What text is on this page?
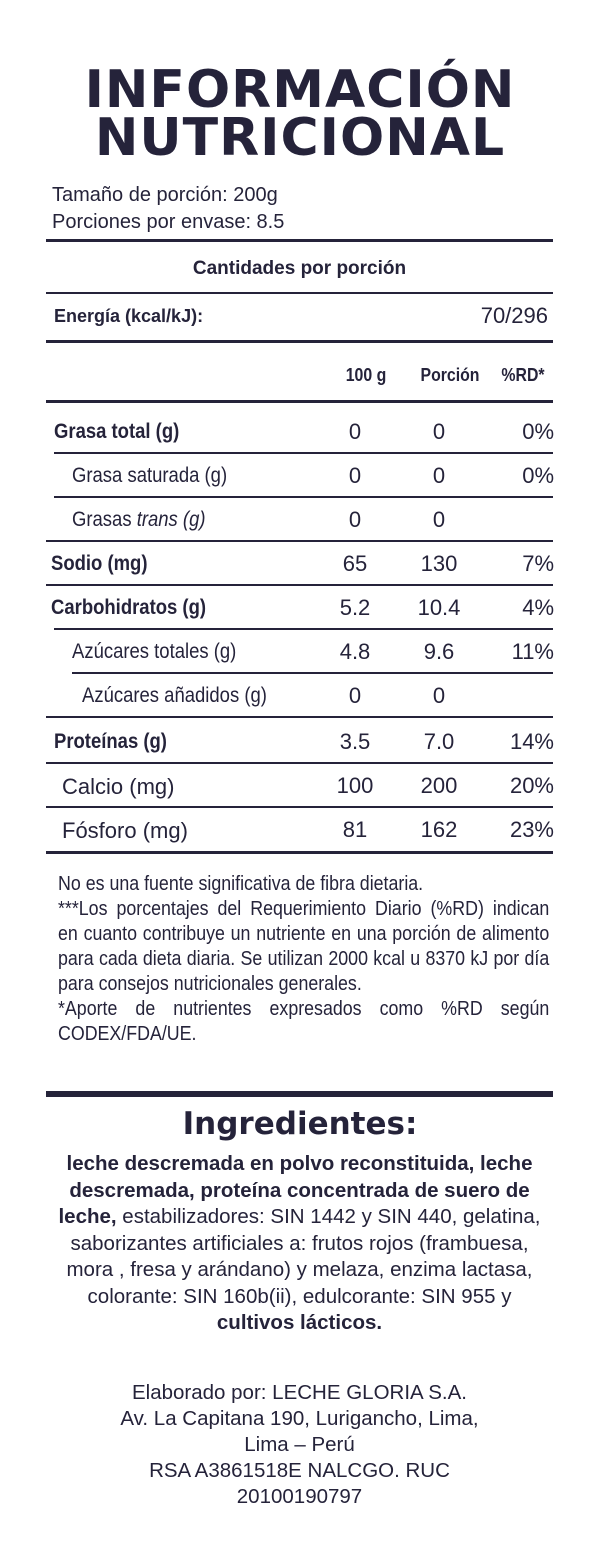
INFORMACIÓN
NUTRICIONAL
Tamaño de porción: 200g
Porciones por envase: 8.5
Cantidades por porción
Energía (kcal/kJ):	70/296
100 g	Porción	%RD*
Grasa total (g)	0	0	0%
Grasa saturada (g)	0	0	0%
Grasas trans (g)	0	0
Sodio (mg)	65	130	7%
Carbohidratos (g)	5.2	10.4	4%
Azúcares totales (g)	4.8	9.6	11%
Azúcares añadidos (g)	0	0
Proteínas (g)	3.5	7.0	14%
Calcio (mg)	100	200	20%
Fósforo (mg)	81	162	23%

No es una fuente significativa de fibra dietaria.

***Los porcentajes del Requerimiento Diario (%RD) indican en cuanto contribuye un nutriente en una porción de alimento para cada dieta diaria. Se utilizan 2000 kcal u 8370 kJ por día para consejos nutricionales generales.

*Aporte de nutrientes expresados como %RD según CODEX/FDA/UE.

Ingredientes:
leche descremada en polvo reconstituida, leche descremada, proteína concentrada de suero de leche, estabilizadores: SIN 1442 y SIN 440, gelatina, saborizantes artificiales a: frutos rojos (frambuesa, mora , fresa y arándano) y melaza, enzima lactasa, colorante: SIN 160b(ii), edulcorante: SIN 955 y cultivos lácticos.
Elaborado por: LECHE GLORIA S.A.
Av. La Capitana 190, Lurigancho, Lima,
Lima – Perú
RSA A3861518E NALCGO. RUC
20100190797
